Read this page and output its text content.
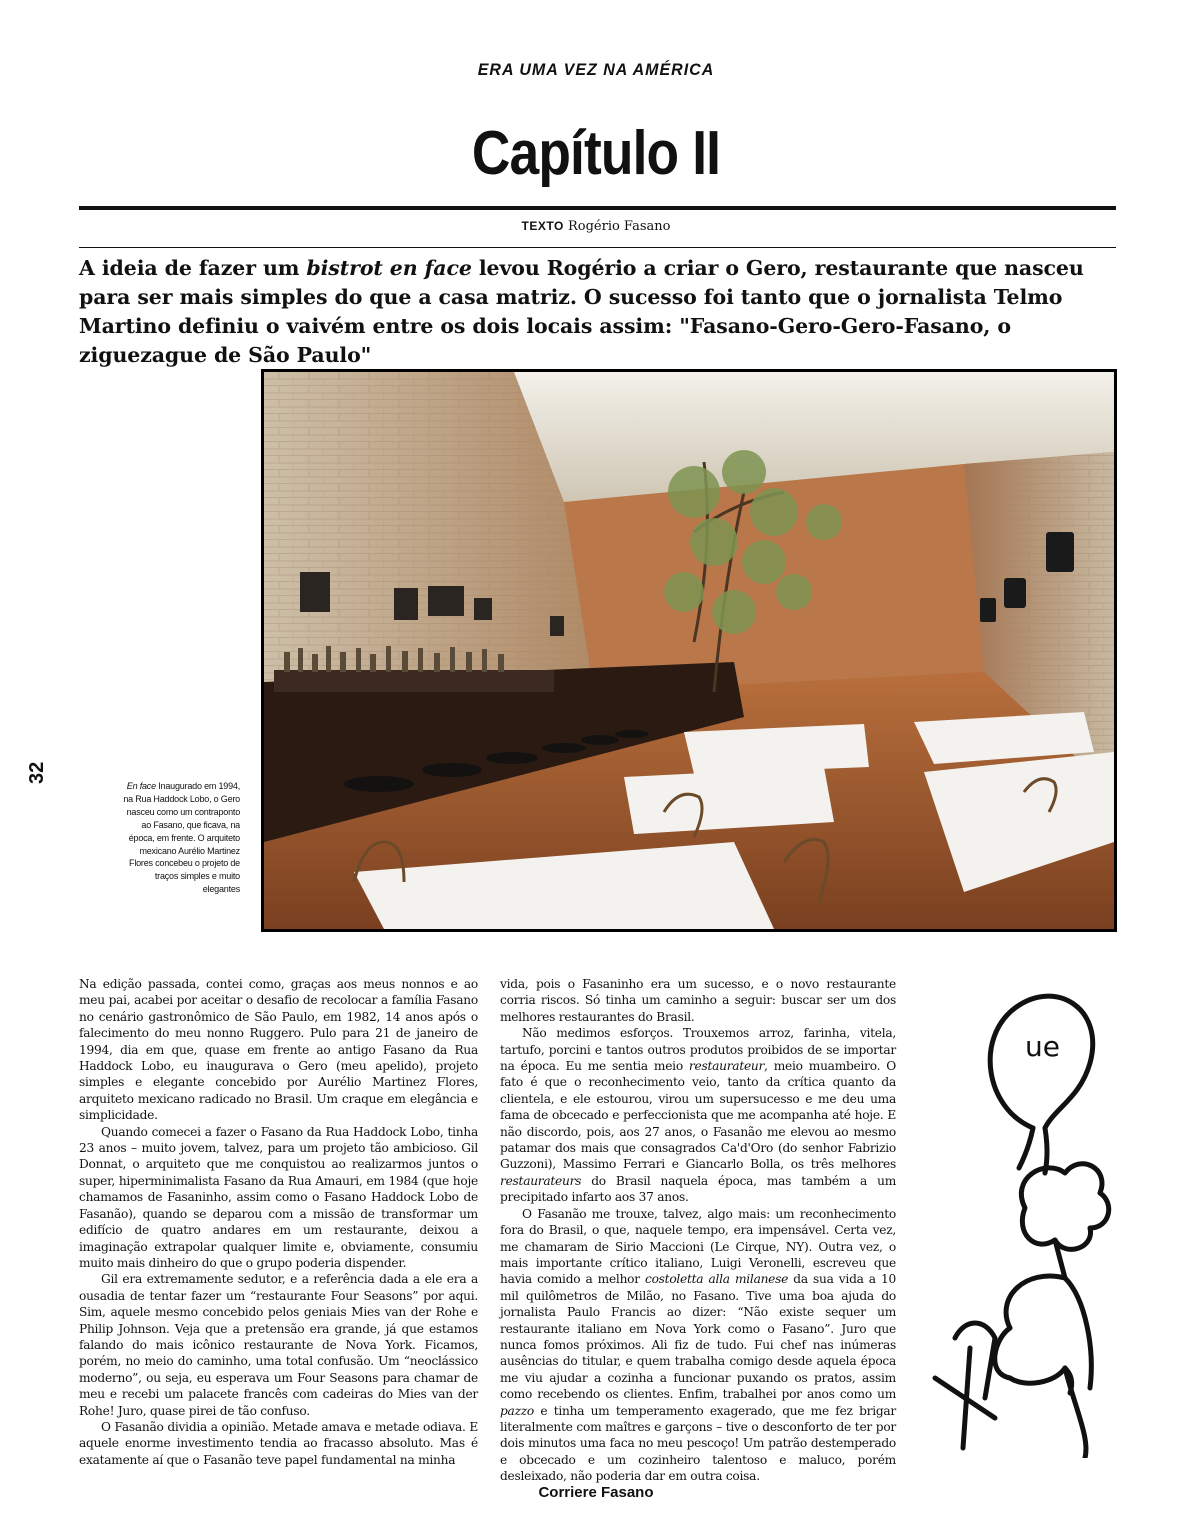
ERA UMA VEZ NA AMÉRICA
Capítulo II
TEXTO Rogério Fasano
A ideia de fazer um bistrot en face levou Rogério a criar o Gero, restaurante que nasceu para ser mais simples do que a casa matriz. O sucesso foi tanto que o jornalista Telmo Martino definiu o vaivém entre os dois locais assim: "Fasano-Gero-Gero-Fasano, o ziguezague de São Paulo"
32
En face Inaugurado em 1994, na Rua Haddock Lobo, o Gero nasceu como um contraponto ao Fasano, que ficava, na época, em frente. O arquiteto mexicano Aurélio Martinez Flores concebeu o projeto de traços simples e muito elegantes

Na edição passada, contei como, graças aos meus nonnos e ao meu pai, acabei por aceitar o desafio de recolocar a família Fasano no cenário gastronômico de São Paulo, em 1982, 14 anos após o falecimento do meu nonno Ruggero. Pulo para 21 de janeiro de 1994, dia em que, quase em frente ao antigo Fasano da Rua Haddock Lobo, eu inaugurava o Gero (meu apelido), projeto simples e elegante concebido por Aurélio Martinez Flores, arquiteto mexicano radicado no Brasil. Um craque em elegância e simplicidade.

Quando comecei a fazer o Fasano da Rua Haddock Lobo, tinha 23 anos – muito jovem, talvez, para um projeto tão ambicioso. Gil Donnat, o arquiteto que me conquistou ao realizarmos juntos o super, hiperminimalista Fasano da Rua Amauri, em 1984 (que hoje chamamos de Fasaninho, assim como o Fasano Haddock Lobo de Fasanão), quando se deparou com a missão de transformar um edifício de quatro andares em um restaurante, deixou a imaginação extrapolar qualquer limite e, obviamente, consumiu muito mais dinheiro do que o grupo poderia dispender.

Gil era extremamente sedutor, e a referência dada a ele era a ousadia de tentar fazer um “restaurante Four Seasons” por aqui. Sim, aquele mesmo concebido pelos geniais Mies van der Rohe e Philip Johnson. Veja que a pretensão era grande, já que estamos falando do mais icônico restaurante de Nova York. Ficamos, porém, no meio do caminho, uma total confusão. Um “neoclássico moderno”, ou seja, eu esperava um Four Seasons para chamar de meu e recebi um palacete francês com cadeiras do Mies van der Rohe! Juro, quase pirei de tão confuso.

O Fasanão dividia a opinião. Metade amava e metade odiava. E aquele enorme investimento tendia ao fracasso absoluto. Mas é exatamente aí que o Fasanão teve papel fundamental na minha

vida, pois o Fasaninho era um sucesso, e o novo restaurante corria riscos. Só tinha um caminho a seguir: buscar ser um dos melhores restaurantes do Brasil.

Não medimos esforços. Trouxemos arroz, farinha, vitela, tartufo, porcini e tantos outros produtos proibidos de se importar na época. Eu me sentia meio restaurateur, meio muambeiro. O fato é que o reconhecimento veio, tanto da crítica quanto da clientela, e ele estourou, virou um supersucesso e me deu uma fama de obcecado e perfeccionista que me acompanha até hoje. E não discordo, pois, aos 27 anos, o Fasanão me elevou ao mesmo patamar dos mais que consagrados Ca'd'Oro (do senhor Fabrizio Guzzoni), Massimo Ferrari e Giancarlo Bolla, os três melhores restaurateurs do Brasil naquela época, mas também a um precipitado infarto aos 37 anos.

O Fasanão me trouxe, talvez, algo mais: um reconhecimento fora do Brasil, o que, naquele tempo, era impensável. Certa vez, me chamaram de Sirio Maccioni (Le Cirque, NY). Outra vez, o mais importante crítico italiano, Luigi Veronelli, escreveu que havia comido a melhor costoletta alla milanese da sua vida a 10 mil quilômetros de Milão, no Fasano. Tive uma boa ajuda do jornalista Paulo Francis ao dizer: “Não existe sequer um restaurante italiano em Nova York como o Fasano”. Juro que nunca fomos próximos. Ali fiz de tudo. Fui chef nas inúmeras ausências do titular, e quem trabalha comigo desde aquela época me viu ajudar a cozinha a funcionar puxando os pratos, assim como recebendo os clientes. Enfim, trabalhei por anos como um pazzo e tinha um temperamento exagerado, que me fez brigar literalmente com maîtres e garçons – tive o desconforto de ter por dois minutos uma faca no meu pescoço! Um patrão destemperado e obcecado e um cozinheiro talentoso e maluco, porém desleixado, não poderia dar em outra coisa.

ue
Corriere Fasano
